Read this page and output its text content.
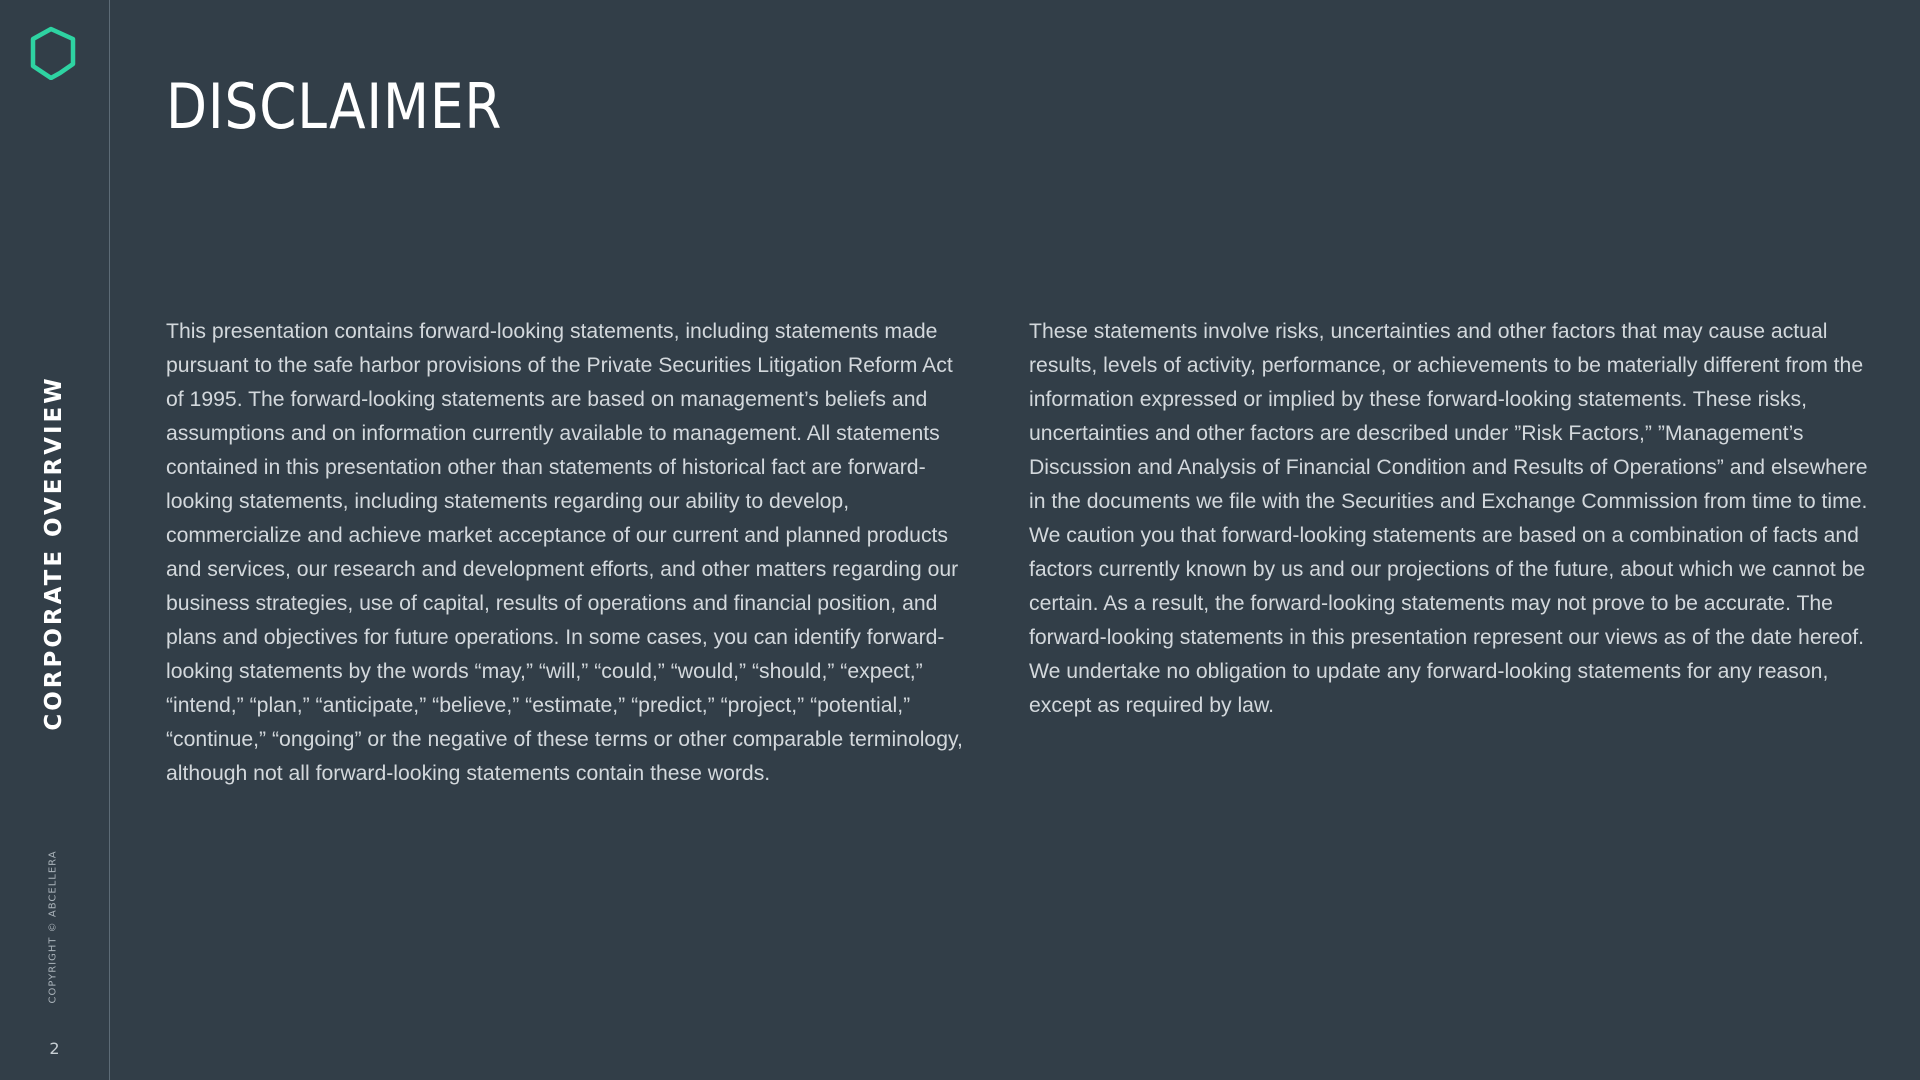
CORPORATE OVERVIEW
COPYRIGHT © ABCELLERA
2
DISCLAIMER

This presentation contains forward-looking statements, including statements made pursuant to the safe harbor provisions of the Private Securities Litigation Reform Act of 1995. The forward-looking statements are based on management’s beliefs and assumptions and on information currently available to management. All statements contained in this presentation other than statements of historical fact are forward-looking statements, including statements regarding our ability to develop, commercialize and achieve market acceptance of our current and planned products and services, our research and development efforts, and other matters regarding our business strategies, use of capital, results of operations and financial position, and plans and objectives for future operations. In some cases, you can identify forward-looking statements by the words “may,” “will,” “could,” “would,” “should,” “expect,” “intend,” “plan,” “anticipate,” “believe,” “estimate,” “predict,” “project,” “potential,” “continue,” “ongoing” or the negative of these terms or other comparable terminology, although not all forward-looking statements contain these words.

These statements involve risks, uncertainties and other factors that may cause actual results, levels of activity, performance, or achievements to be materially different from the information expressed or implied by these forward-looking statements. These risks, uncertainties and other factors are described under ”Risk Factors,” ”Management’s Discussion and Analysis of Financial Condition and Results of Operations” and elsewhere in the documents we file with the Securities and Exchange Commission from time to time. We caution you that forward-looking statements are based on a combination of facts and factors currently known by us and our projections of the future, about which we cannot be certain. As a result, the forward-looking statements may not prove to be accurate. The forward-looking statements in this presentation represent our views as of the date hereof. We undertake no obligation to update any forward-looking statements for any reason, except as required by law.
